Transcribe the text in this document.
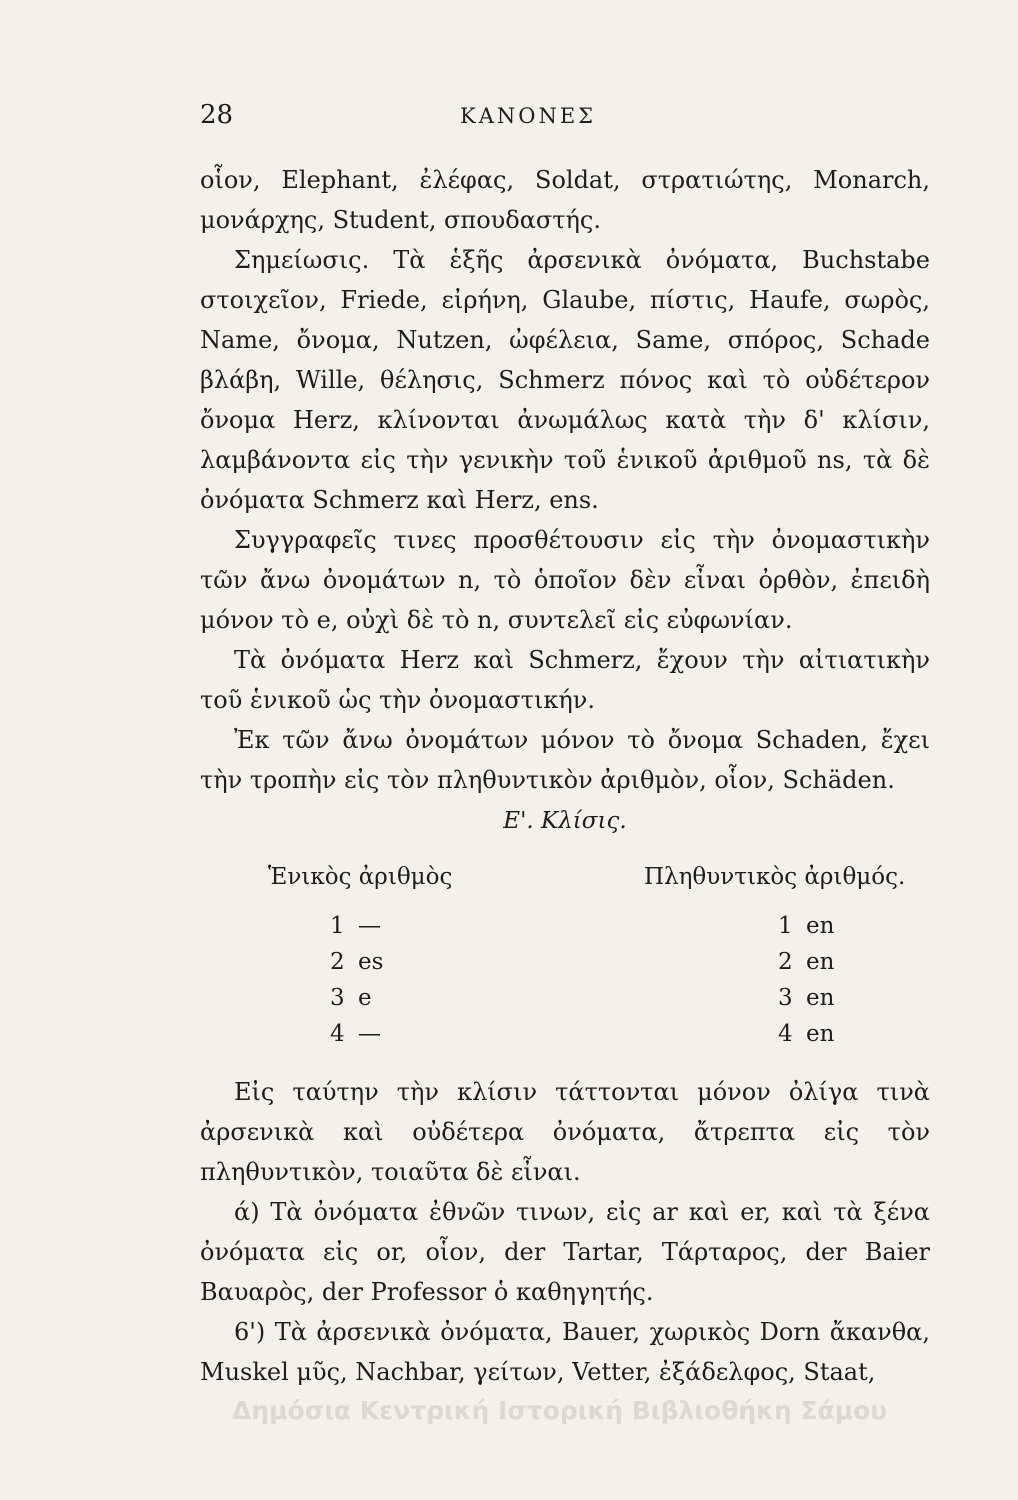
28	ΚΑΝΟΝΕΣ

οἷον, Elephant, ἐλέφας, Soldat, στρατιώτης, Monarch, μονάρχης, Student, σπουδαστής.

Σημείωσις. Τὰ ἑξῆς ἀρσενικὰ ὀνόματα, Buchstabe στοιχεῖον, Friede, εἰρήνη, Glaube, πίστις, Haufe, σωρὸς, Name, ὄνομα, Nutzen, ὠφέλεια, Same, σπόρος, Schade βλάβη, Wille, θέλησις, Schmerz πόνος καὶ τὸ οὐδέτερον ὄνομα Herz, κλίνονται ἀνωμάλως κατὰ τὴν δ' κλίσιν, λαμβάνοντα εἰς τὴν γενικὴν τοῦ ἑνικοῦ ἀριθμοῦ ns, τὰ δὲ ὀνόματα Schmerz καὶ Herz, ens.

Συγγραφεῖς τινες προσθέτουσιν εἰς τὴν ὀνομαστικὴν τῶν ἄνω ὀνομάτων n, τὸ ὁποῖον δὲν εἶναι ὀρθὸν, ἐπειδὴ μόνον τὸ e, οὐχὶ δὲ τὸ n, συντελεῖ εἰς εὐφωνίαν.

Τὰ ὀνόματα Herz καὶ Schmerz, ἔχουν τὴν αἰτιατικὴν τοῦ ἑνικοῦ ὡς τὴν ὀνομαστικήν.

Ἐκ τῶν ἄνω ὀνομάτων μόνον τὸ ὄνομα Schaden, ἔχει τὴν τροπὴν εἰς τὸν πληθυντικὸν ἀριθμὸν, οἷον, Schäden.

Ε'. Κλίσις.
Ἑνικὸς ἀριθμὸς
1 —
2 es
3 e
4 —
Πληθυντικὸς ἀριθμός.
1 en
2 en
3 en
4 en

Εἰς ταύτην τὴν κλίσιν τάττονται μόνον ὀλίγα τινὰ ἀρσενικὰ καὶ οὐδέτερα ὀνόματα, ἄτρεπτα εἰς τὸν πληθυντικὸν, τοιαῦτα δὲ εἶναι.

ά) Τὰ ὀνόματα ἐθνῶν τινων, εἰς ar καὶ er, καὶ τὰ ξένα ὀνόματα εἰς or, οἷον, der Tartar, Τάρταρος, der Baier Βαυαρὸς, der Professor ὁ καθηγητής.

6') Τὰ ἀρσενικὰ ὀνόματα, Bauer, χωρικὸς Dorn ἄκανθα, Muskel μῦς, Nachbar, γείτων, Vetter, ἐξάδελφος, Staat,

Δημόσια Κεντρική Ιστορική Βιβλιοθήκη Σάμου
